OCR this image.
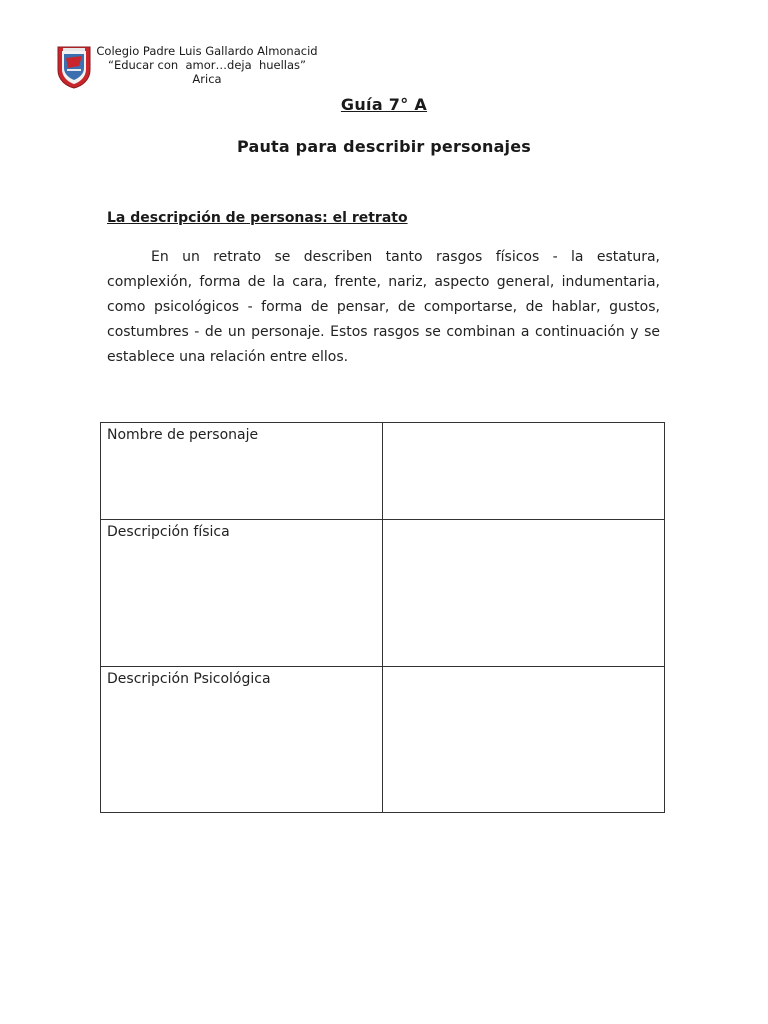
Colegio Padre Luis Gallardo Almonacid
“Educar con  amor…deja  huellas”
Arica
Guía 7° A
Pauta para describir personajes
La descripción de personas: el retrato
En un retrato se describen tanto rasgos físicos - la estatura, complexión, forma de la cara, frente, nariz, aspecto general, indumentaria, como psicológicos - forma de pensar, de comportarse, de hablar, gustos, costumbres - de un personaje. Estos rasgos se combinan a continuación y se establece una relación entre ellos.
Nombre de personaje	
Descripción física	
Descripción Psicológica	
